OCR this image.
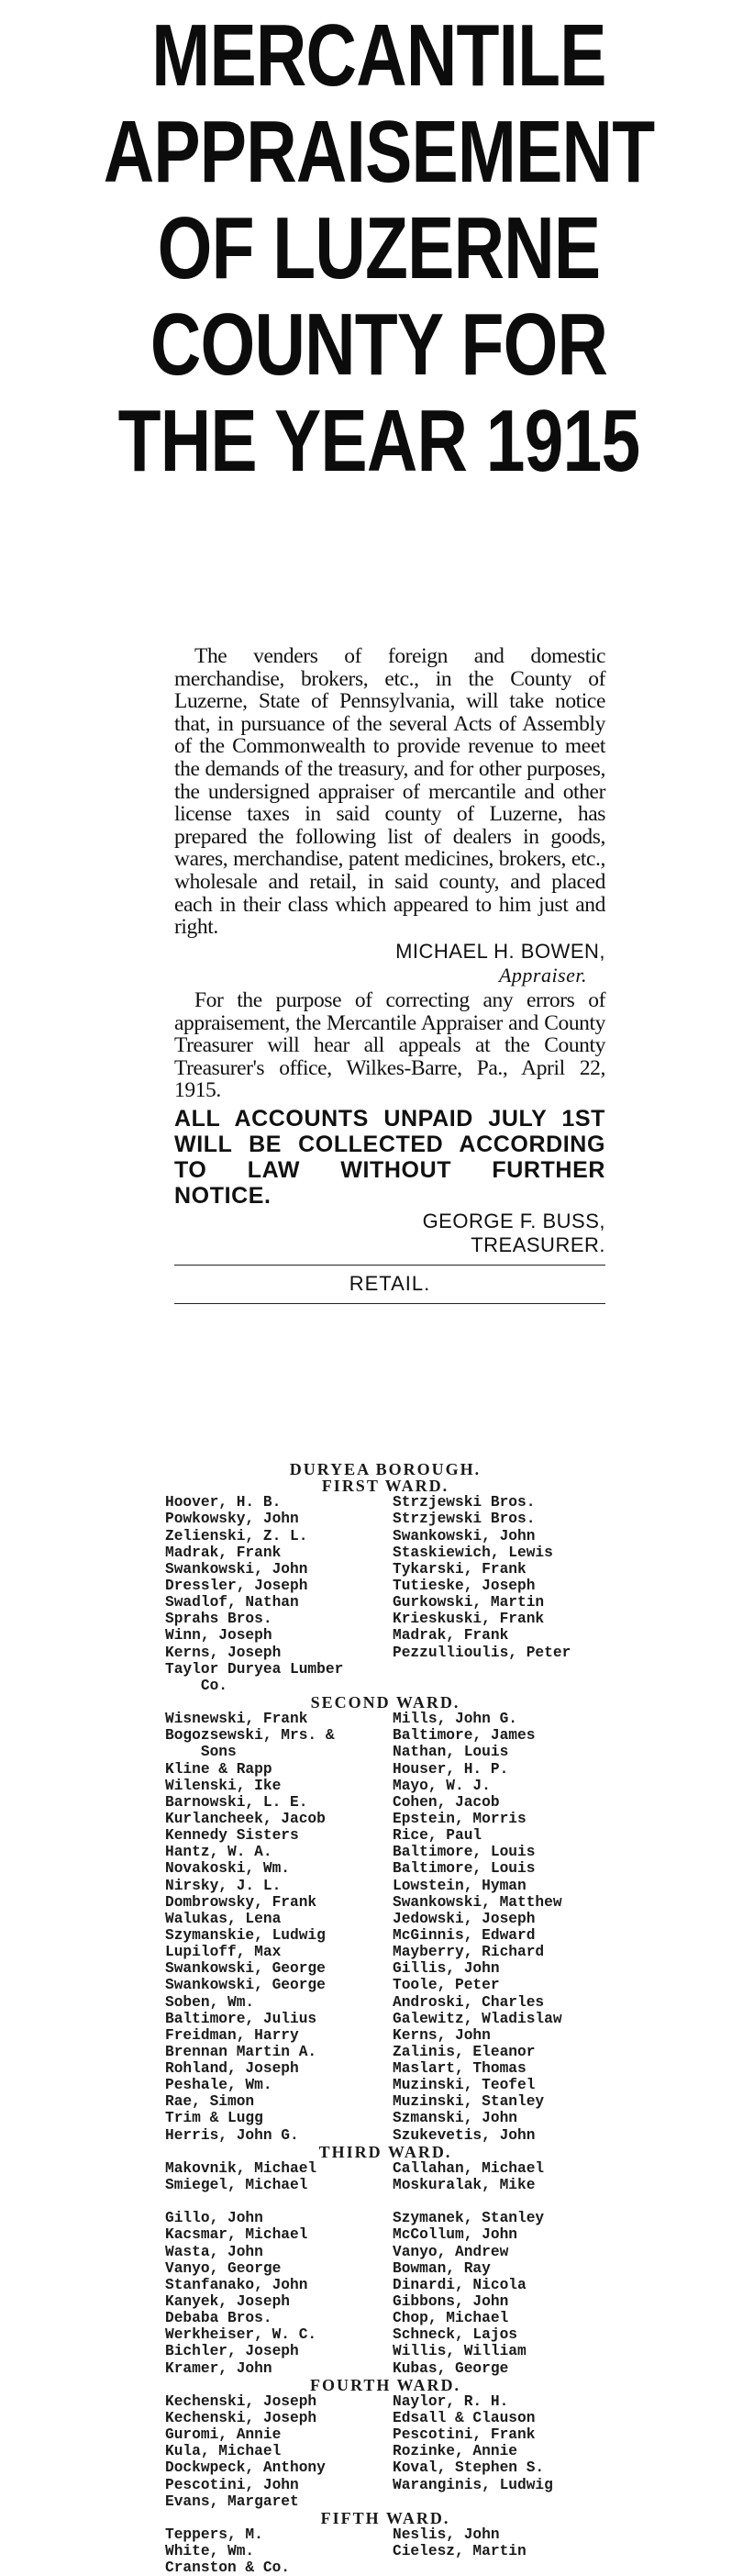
MERCANTILE
APPRAISEMENT
OF LUZERNE
COUNTY FOR
THE YEAR 1915
The venders of foreign and domestic merchandise, brokers, etc., in the County of Luzerne, State of Pennsylvania, will take notice that, in pursuance of the several Acts of Assembly of the Commonwealth to provide revenue to meet the demands of the treasury, and for other purposes, the undersigned appraiser of mercantile and other license taxes in said county of Luzerne, has prepared the following list of dealers in goods, wares, merchandise, patent medicines, brokers, etc., wholesale and retail, in said county, and placed each in their class which appeared to him just and right.
MICHAEL H. BOWEN,
Appraiser.
For the purpose of correcting any errors of appraisement, the Mercantile Appraiser and County Treasurer will hear all appeals at the County Treasurer's office, Wilkes-Barre, Pa., April 22, 1915.
ALL ACCOUNTS UNPAID JULY 1ST WILL BE COLLECTED ACCORDING TO LAW WITHOUT FURTHER NOTICE.
GEORGE F. BUSS,
TREASURER.
RETAIL.
DURYEA BOROUGH.
FIRST WARD.
Hoover, H. B.	Strzjewski Bros.
Powkowsky, John	Strzjewski Bros.
Zelienski, Z. L.	Swankowski, John
Madrak, Frank	Staskiewich, Lewis
Swankowski, John	Tykarski, Frank
Dressler, Joseph	Tutieske, Joseph
Swadlof, Nathan	Gurkowski, Martin
Sprahs Bros.	Krieskuski, Frank
Winn, Joseph	Madrak, Frank
Kerns, Joseph	Pezzullioulis, Peter
Taylor Duryea Lumber
Co.
SECOND WARD.
Wisnewski, Frank	Mills, John G.
Bogozsewski, Mrs. &	Baltimore, James
Sons	Nathan, Louis
Kline & Rapp	Houser, H. P.
Wilenski, Ike	Mayo, W. J.
Barnowski, L. E.	Cohen, Jacob
Kurlancheek, Jacob	Epstein, Morris
Kennedy Sisters	Rice, Paul
Hantz, W. A.	Baltimore, Louis
Novakoski, Wm.	Baltimore, Louis
Nirsky, J. L.	Lowstein, Hyman
Dombrowsky, Frank	Swankowski, Matthew
Walukas, Lena	Jedowski, Joseph
Szymanskie, Ludwig	McGinnis, Edward
Lupiloff, Max	Mayberry, Richard
Swankowski, George	Gillis, John
Swankowski, George	Toole, Peter
Soben, Wm.	Androski, Charles
Baltimore, Julius	Galewitz, Wladislaw
Freidman, Harry	Kerns, John
Brennan Martin A.	Zalinis, Eleanor
Rohland, Joseph	Maslart, Thomas
Peshale, Wm.	Muzinski, Teofel
Rae, Simon	Muzinski, Stanley
Trim & Lugg	Szmanski, John
Herris, John G.	Szukevetis, John
THIRD WARD.
Makovnik, Michael	Callahan, Michael
Smiegel, Michael	Moskuralak, Mike
Gillo, John	Szymanek, Stanley
Kacsmar, Michael	McCollum, John
Wasta, John	Vanyo, Andrew
Vanyo, George	Bowman, Ray
Stanfanako, John	Dinardi, Nicola
Kanyek, Joseph	Gibbons, John
Debaba Bros.	Chop, Michael
Werkheiser, W. C.	Schneck, Lajos
Bichler, Joseph	Willis, William
Kramer, John	Kubas, George
FOURTH WARD.
Kechenski, Joseph	Naylor, R. H.
Kechenski, Joseph	Edsall & Clauson
Guromi, Annie	Pescotini, Frank
Kula, Michael	Rozinke, Annie
Dockwpeck, Anthony	Koval, Stephen S.
Pescotini, John	Waranginis, Ludwig
Evans, Margaret
FIFTH WARD.
Teppers, M.	Neslis, John
White, Wm.	Cielesz, Martin
Cranston & Co.
